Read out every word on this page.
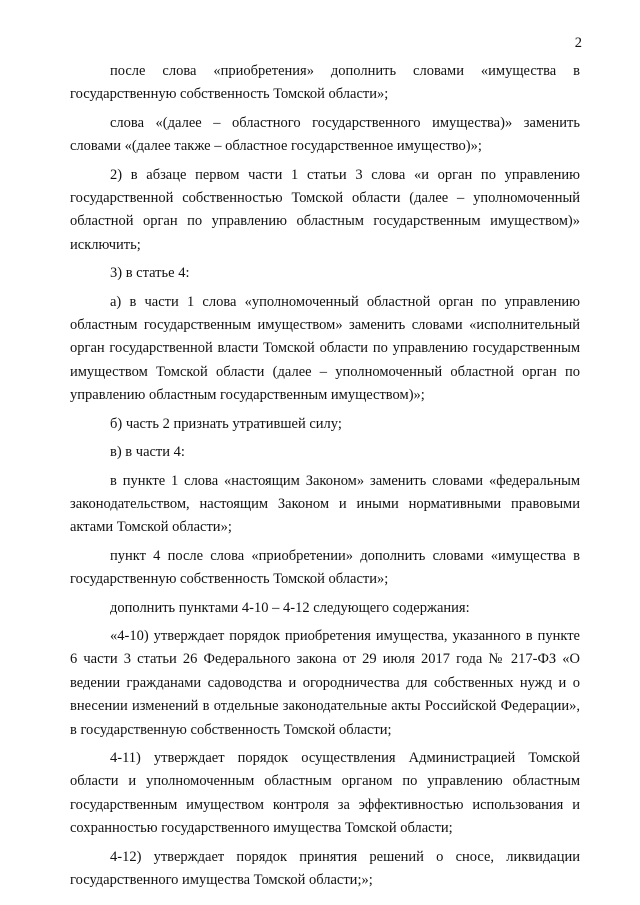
2

после слова «приобретения» дополнить словами «имущества в государственную собственность Томской области»;

слова «(далее – областного государственного имущества)» заменить словами «(далее также – областное государственное имущество)»;

2) в абзаце первом части 1 статьи 3 слова «и орган по управлению государственной собственностью Томской области (далее – уполномоченный областной орган по управлению областным государственным имуществом)» исключить;

3) в статье 4:

а) в части 1 слова «уполномоченный областной орган по управлению областным государственным имуществом» заменить словами «исполнительный орган государственной власти Томской области по управлению государственным имуществом Томской области (далее – уполномоченный областной орган по управлению областным государственным имуществом)»;

б) часть 2 признать утратившей силу;

в) в части 4:

в пункте 1 слова «настоящим Законом» заменить словами «федеральным законодательством, настоящим Законом и иными нормативными правовыми актами Томской области»;

пункт 4 после слова «приобретении» дополнить словами «имущества в государственную собственность Томской области»;

дополнить пунктами 4-10 – 4-12 следующего содержания:

«4-10) утверждает порядок приобретения имущества, указанного в пункте 6 части 3 статьи 26 Федерального закона от 29 июля 2017 года № 217-ФЗ «О ведении гражданами садоводства и огородничества для собственных нужд и о внесении изменений в отдельные законодательные акты Российской Федерации», в государственную собственность Томской области;

4-11) утверждает порядок осуществления Администрацией Томской области и уполномоченным областным органом по управлению областным государственным имуществом контроля за эффективностью использования и сохранностью государственного имущества Томской области;

4-12) утверждает порядок принятия решений о сносе, ликвидации государственного имущества Томской области;»;
